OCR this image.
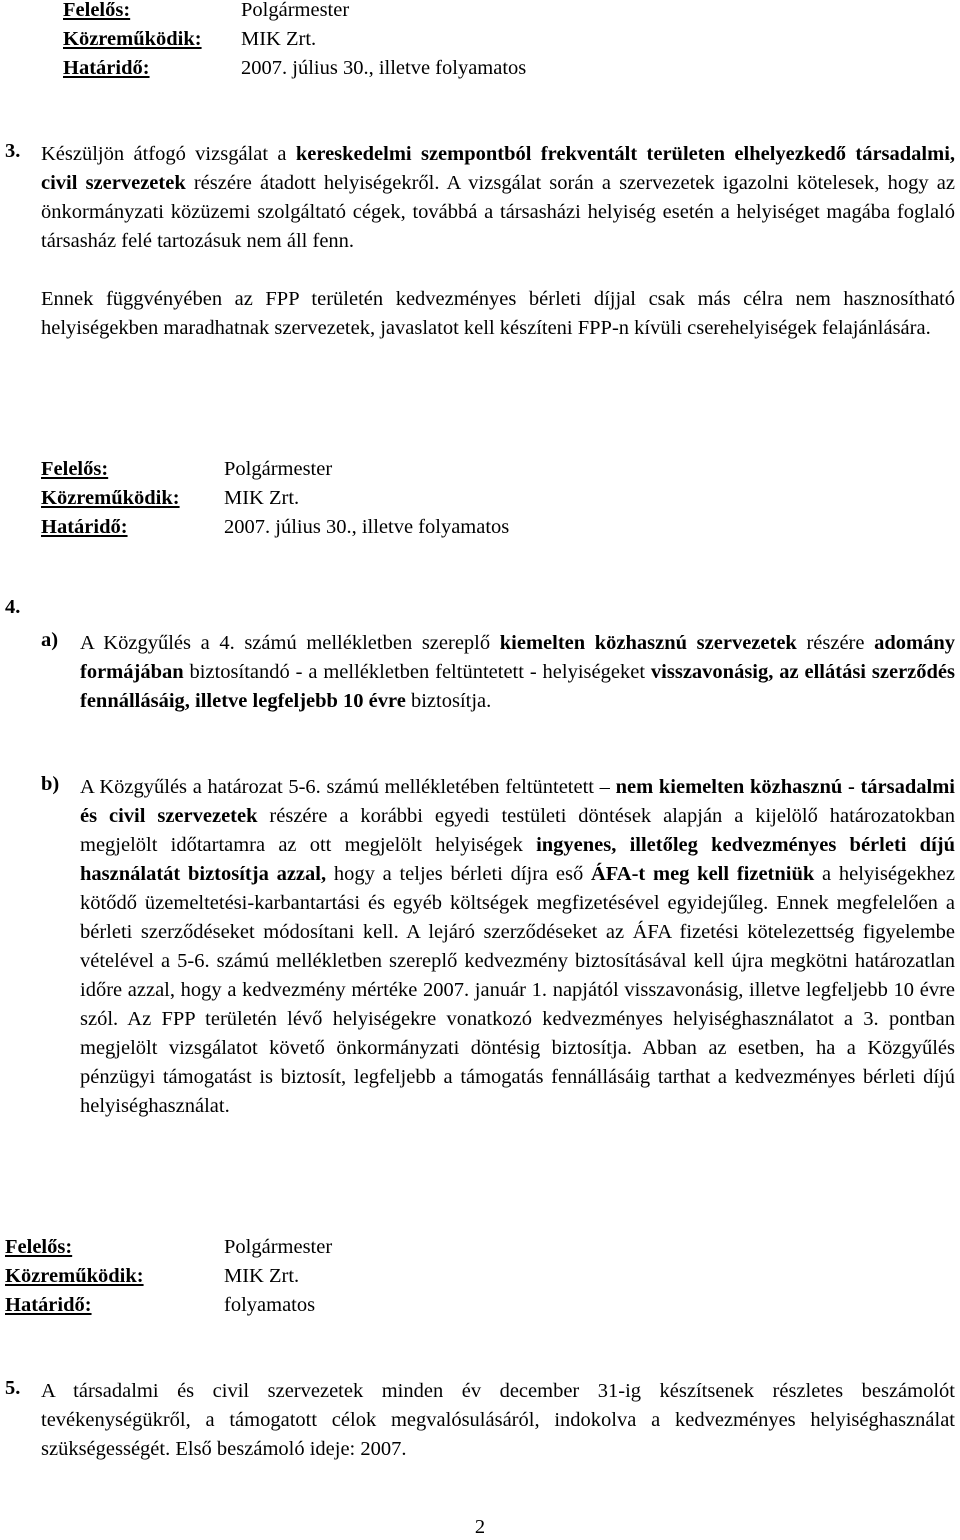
Felelős:	Polgármester
Közreműködik:	MIK Zrt.
Határidő:	2007. július 30., illetve folyamatos
3. Készüljön átfogó vizsgálat a kereskedelmi szempontból frekventált területen elhelyezkedő társadalmi, civil szervezetek részére átadott helyiségekről. A vizsgálat során a szervezetek igazolni kötelesek, hogy az önkormányzati közüzemi szolgáltató cégek, továbbá a társasházi helyiség esetén a helyiséget magába foglaló társasház felé tartozásuk nem áll fenn.

Ennek függvényében az FPP területén kedvezményes bérleti díjjal csak más célra nem hasznosítható helyiségekben maradhatnak szervezetek, javaslatot kell készíteni FPP-n kívüli cserehelyiségek felajánlására.

Felelős:	Polgármester
Közreműködik:	MIK Zrt.
Határidő:	2007. július 30., illetve folyamatos
4.
a) A Közgyűlés a 4. számú mellékletben szereplő kiemelten közhasznú szervezetek részére adomány formájában biztosítandó - a mellékletben feltüntetett - helyiségeket visszavonásig, az ellátási szerződés fennállásáig, illetve legfeljebb 10 évre biztosítja.

b) A Közgyűlés a határozat 5-6. számú mellékletében feltüntetett – nem kiemelten közhasznú - társadalmi és civil szervezetek részére a korábbi egyedi testületi döntések alapján a kijelölő határozatokban megjelölt időtartamra az ott megjelölt helyiségek ingyenes, illetőleg kedvezményes bérleti díjú használatát biztosítja azzal, hogy a teljes bérleti díjra eső ÁFA-t meg kell fizetniük a helyiségekhez kötődő üzemeltetési-karbantartási és egyéb költségek megfizetésével egyidejűleg. Ennek megfelelően a bérleti szerződéseket módosítani kell. A lejáró szerződéseket az ÁFA fizetési kötelezettség figyelembe vételével a 5-6. számú mellékletben szereplő kedvezmény biztosításával kell újra megkötni határozatlan időre azzal, hogy a kedvezmény mértéke 2007. január 1. napjától visszavonásig, illetve legfeljebb 10 évre szól. Az FPP területén lévő helyiségekre vonatkozó kedvezményes helyiséghasználatot a 3. pontban megjelölt vizsgálatot követő önkormányzati döntésig biztosítja. Abban az esetben, ha a Közgyűlés pénzügyi támogatást is biztosít, legfeljebb a támogatás fennállásáig tarthat a kedvezményes bérleti díjú helyiséghasználat.

Felelős:	Polgármester
Közreműködik:	MIK Zrt.
Határidő:	folyamatos
5. A társadalmi és civil szervezetek minden év december 31-ig készítsenek részletes beszámolót tevékenységükről, a támogatott célok megvalósulásáról, indokolva a kedvezményes helyiséghasználat szükségességét. Első beszámoló ideje: 2007.

2
